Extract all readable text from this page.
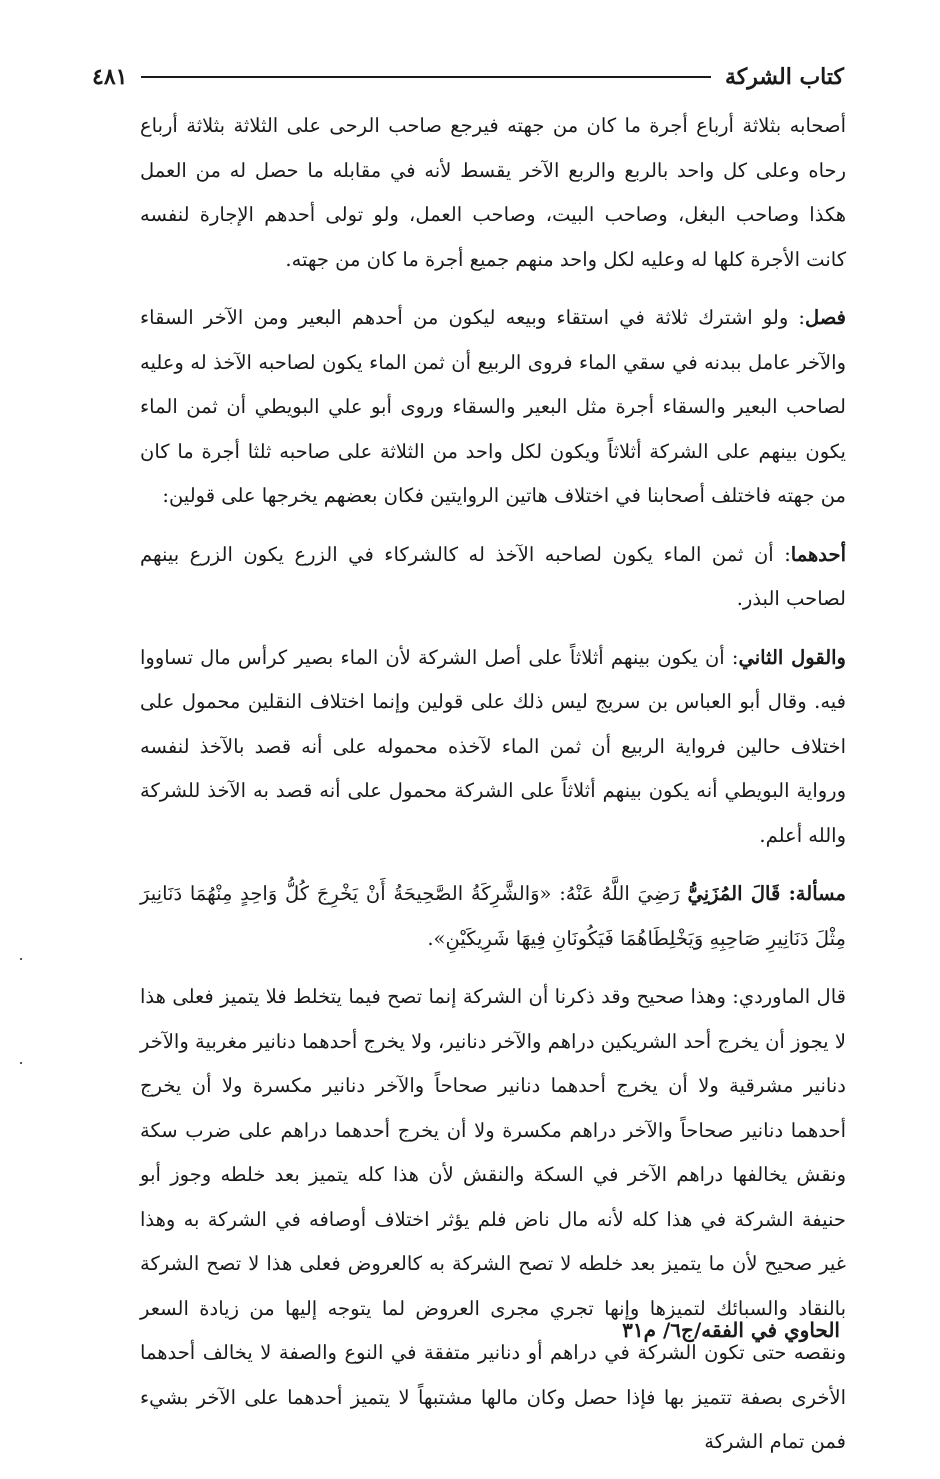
كتاب الشركة
٤٨١

أصحابه بثلاثة أرباع أجرة ما كان من جهته فيرجع صاحب الرحى على الثلاثة بثلاثة أرباع رحاه وعلى كل واحد بالربع والربع الآخر يقسط لأنه في مقابله ما حصل له من العمل هكذا وصاحب البغل، وصاحب البيت، وصاحب العمل، ولو تولى أحدهم الإجارة لنفسه كانت الأجرة كلها له وعليه لكل واحد منهم جميع أجرة ما كان من جهته.

فصل: ولو اشترك ثلاثة في استقاء وبيعه ليكون من أحدهم البعير ومن الآخر السقاء والآخر عامل ببدنه في سقي الماء فروى الربيع أن ثمن الماء يكون لصاحبه الآخذ له وعليه لصاحب البعير والسقاء أجرة مثل البعير والسقاء وروى أبو علي البويطي أن ثمن الماء يكون بينهم على الشركة أثلاثاً ويكون لكل واحد من الثلاثة على صاحبه ثلثا أجرة ما كان من جهته فاختلف أصحابنا في اختلاف هاتين الروايتين فكان بعضهم يخرجها على قولين:

أحدهما: أن ثمن الماء يكون لصاحبه الآخذ له كالشركاء في الزرع يكون الزرع بينهم لصاحب البذر.

والقول الثاني: أن يكون بينهم أثلاثاً على أصل الشركة لأن الماء بصير كرأس مال تساووا فيه. وقال أبو العباس بن سريج ليس ذلك على قولين وإنما اختلاف النقلين محمول على اختلاف حالين فرواية الربيع أن ثمن الماء لآخذه محموله على أنه قصد بالآخذ لنفسه ورواية البويطي أنه يكون بينهم أثلاثاً على الشركة محمول على أنه قصد به الآخذ للشركة والله أعلم.

مسألة: قَالَ المُزَنِيُّ رَضِيَ اللَّهُ عَنْهُ: «وَالشَّرِكَةُ الصَّحِيحَةُ أَنْ يَخْرِجَ كُلُّ وَاحِدٍ مِنْهُمَا دَنَانِيرَ مِثْلَ دَنَانِيرِ صَاحِبِهِ وَيَخْلِطَاهُمَا فَيَكُونَانِ فِيهَا شَرِيكَيْنِ».

قال الماوردي: وهذا صحيح وقد ذكرنا أن الشركة إنما تصح فيما يتخلط فلا يتميز فعلى هذا لا يجوز أن يخرج أحد الشريكين دراهم والآخر دنانير، ولا يخرج أحدهما دنانير مغربية والآخر دنانير مشرقية ولا أن يخرج أحدهما دنانير صحاحاً والآخر دنانير مكسرة ولا أن يخرج أحدهما دنانير صحاحاً والآخر دراهم مكسرة ولا أن يخرج أحدهما دراهم على ضرب سكة ونقش يخالفها دراهم الآخر في السكة والنقش لأن هذا كله يتميز بعد خلطه وجوز أبو حنيفة الشركة في هذا كله لأنه مال ناض فلم يؤثر اختلاف أوصافه في الشركة به وهذا غير صحيح لأن ما يتميز بعد خلطه لا تصح الشركة به كالعروض فعلى هذا لا تصح الشركة بالنقاد والسبائك لتميزها وإنها تجري مجرى العروض لما يتوجه إليها من زيادة السعر ونقصه حتى تكون الشركة في دراهم أو دنانير متفقة في النوع والصفة لا يخالف أحدهما الأخرى بصفة تتميز بها فإذا حصل وكان مالها مشتبهاً لا يتميز أحدهما على الآخر بشيء فمن تمام الشركة

الحاوي في الفقه/ج٦/ م٣١
